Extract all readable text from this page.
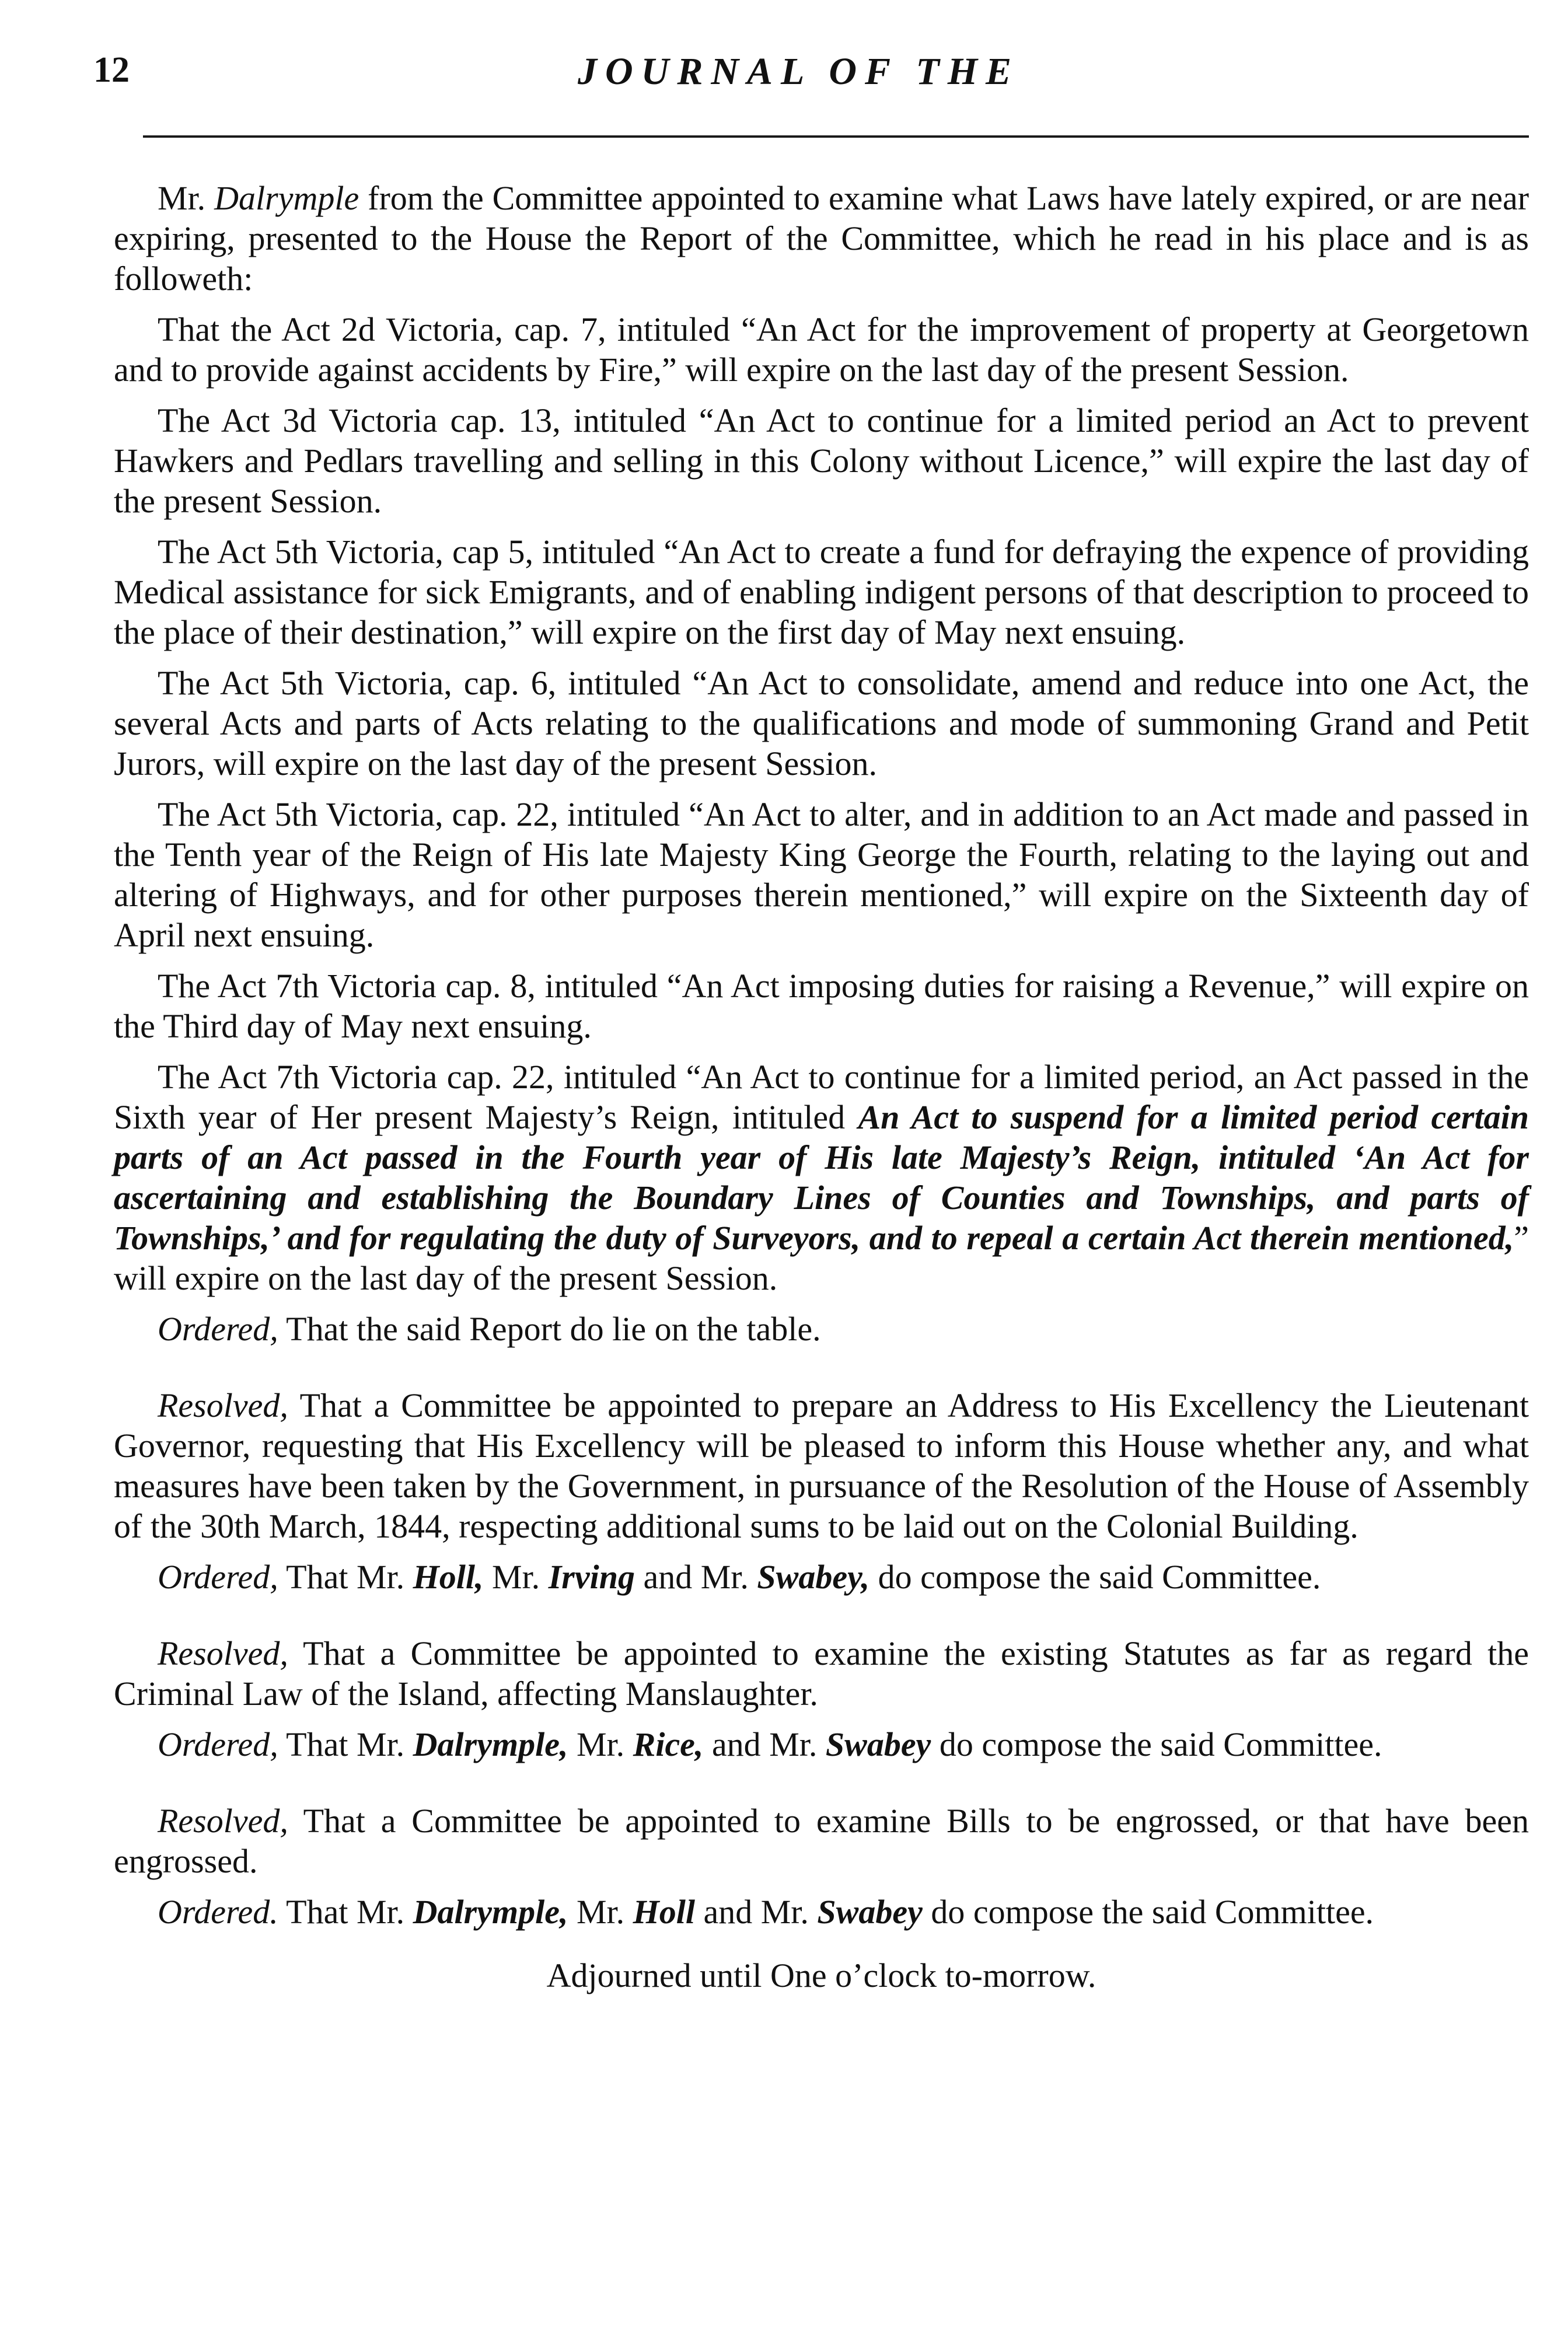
12	JOURNAL OF THE

Mr. Dalrymple from the Committee appointed to examine what Laws have lately expired, or are near expiring, presented to the House the Report of the Committee, which he read in his place and is as followeth:

That the Act 2d Victoria, cap. 7, intituled “An Act for the improvement of property at Georgetown and to provide against accidents by Fire,” will expire on the last day of the present Session.

The Act 3d Victoria cap. 13, intituled “An Act to continue for a limited period an Act to prevent Hawkers and Pedlars travelling and selling in this Colony without Licence,” will expire the last day of the present Session.

The Act 5th Victoria, cap 5, intituled “An Act to create a fund for defraying the expence of providing Medical assistance for sick Emigrants, and of enabling indigent persons of that description to proceed to the place of their destination,” will expire on the first day of May next ensuing.

The Act 5th Victoria, cap. 6, intituled “An Act to consolidate, amend and reduce into one Act, the several Acts and parts of Acts relating to the qualifications and mode of summoning Grand and Petit Jurors, will expire on the last day of the present Session.

The Act 5th Victoria, cap. 22, intituled “An Act to alter, and in addition to an Act made and passed in the Tenth year of the Reign of His late Majesty King George the Fourth, relating to the laying out and altering of Highways, and for other purposes therein mentioned,” will expire on the Sixteenth day of April next ensuing.

The Act 7th Victoria cap. 8, intituled “An Act imposing duties for raising a Revenue,” will expire on the Third day of May next ensuing.

The Act 7th Victoria cap. 22, intituled “An Act to continue for a limited period, an Act passed in the Sixth year of Her present Majesty’s Reign, intituled An Act to suspend for a limited period certain parts of an Act passed in the Fourth year of His late Majesty’s Reign, intituled ‘An Act for ascertaining and establishing the Boundary Lines of Counties and Townships, and parts of Townships,’ and for regulating the duty of Surveyors, and to repeal a certain Act therein mentioned,” will expire on the last day of the present Session.

Ordered, That the said Report do lie on the table.

Resolved, That a Committee be appointed to prepare an Address to His Excellency the Lieutenant Governor, requesting that His Excellency will be pleased to inform this House whether any, and what measures have been taken by the Government, in pursuance of the Resolution of the House of Assembly of the 30th March, 1844, respecting additional sums to be laid out on the Colonial Building.

Ordered, That Mr. Holl, Mr. Irving and Mr. Swabey, do compose the said Committee.

Resolved, That a Committee be appointed to examine the existing Statutes as far as regard the Criminal Law of the Island, affecting Manslaughter.

Ordered, That Mr. Dalrymple, Mr. Rice, and Mr. Swabey do compose the said Committee.

Resolved, That a Committee be appointed to examine Bills to be engrossed, or that have been engrossed.

Ordered. That Mr. Dalrymple, Mr. Holl and Mr. Swabey do compose the said Committee.

Adjourned until One o’clock to-morrow.
